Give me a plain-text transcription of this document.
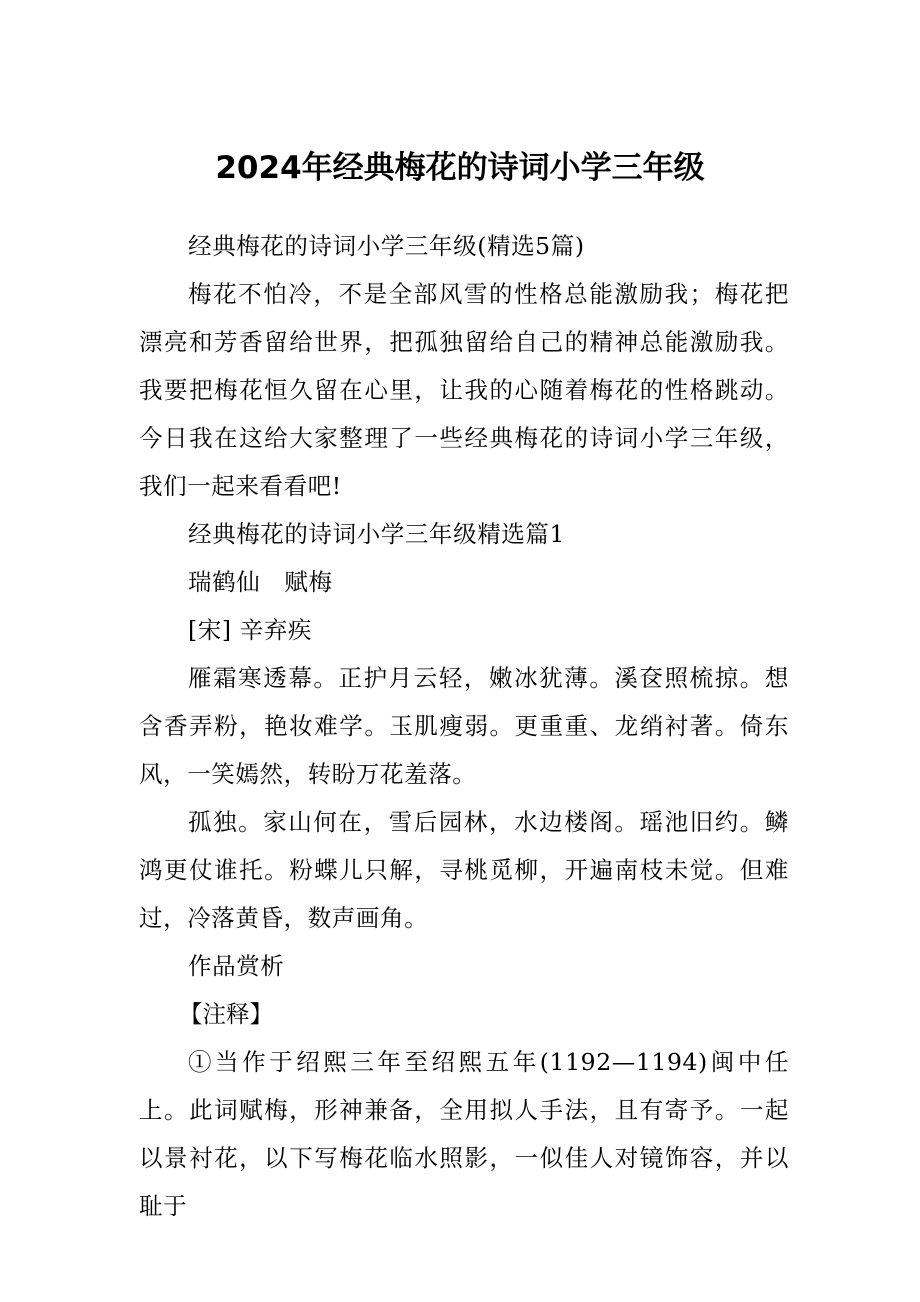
2024年经典梅花的诗词小学三年级

经典梅花的诗词小学三年级(精选5篇)

梅花不怕冷，不是全部风雪的性格总能激励我；梅花把漂亮和芳香留给世界，把孤独留给自己的精神总能激励我。我要把梅花恒久留在心里，让我的心随着梅花的性格跳动。今日我在这给大家整理了一些经典梅花的诗词小学三年级，我们一起来看看吧!

经典梅花的诗词小学三年级精选篇1

瑞鹤仙　赋梅

[宋] 辛弃疾

雁霜寒透幕。正护月云轻，嫩冰犹薄。溪奁照梳掠。想含香弄粉，艳妆难学。玉肌瘦弱。更重重、龙绡衬著。倚东风，一笑嫣然，转盼万花羞落。

孤独。家山何在，雪后园林，水边楼阁。瑶池旧约。鳞鸿更仗谁托。粉蝶儿只解，寻桃觅柳，开遍南枝未觉。但难过，冷落黄昏，数声画角。

作品赏析

【注释】

①当作于绍熙三年至绍熙五年(1192—1194)闽中任上。此词赋梅，形神兼备，全用拟人手法，且有寄予。一起以景衬花，以下写梅花临水照影，一似佳人对镜饰容，并以耻于
